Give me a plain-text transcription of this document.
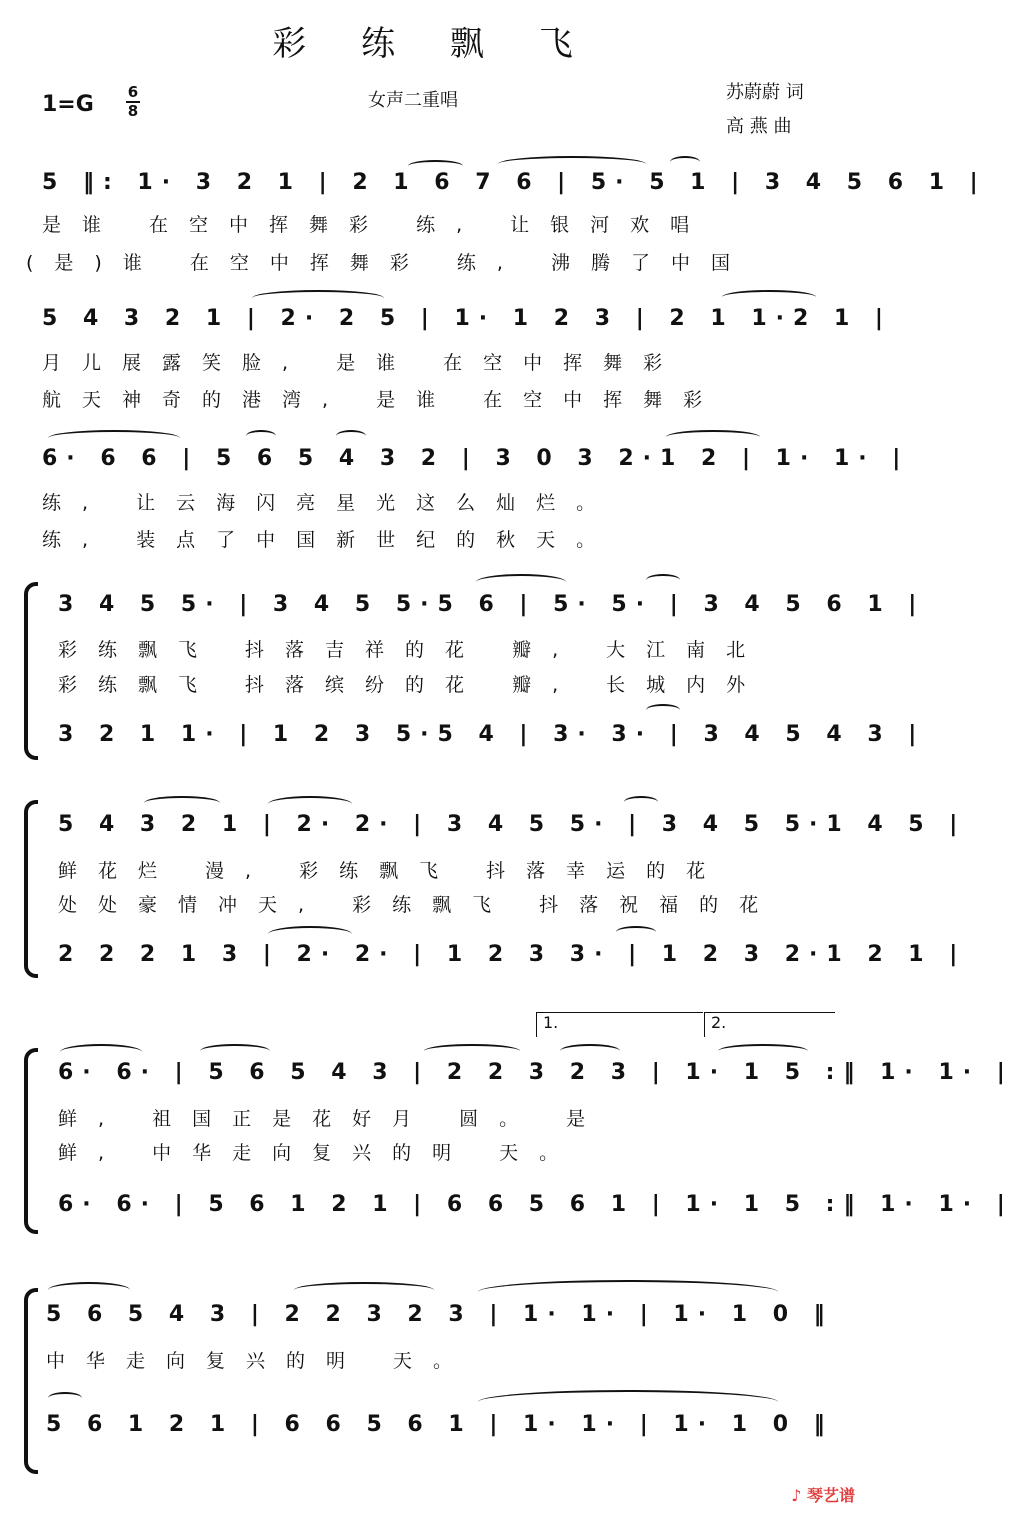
彩 练 飘 飞
1=G 6
8	女声二重唱	苏蔚蔚 词
高 燕 曲
5 ‖: 1· 3 2 1 | 2 1 6 7 6 | 5· 5 1 | 3 4 5 6 1 |
是谁 在空中挥舞彩 练, 让银河欢唱
(是)谁 在空中挥舞彩 练, 沸腾了中国
5 4 3 2 1 | 2· 2 5 | 1· 1 2 3 | 2 1 1·2 1 |
月儿展露笑脸, 是谁 在空中挥舞彩
航天神奇的港湾, 是谁 在空中挥舞彩
6· 6 6 | 5 6 5 4 3 2 | 3 0 3 2·1 2 | 1· 1· |
练, 让云海闪亮星光这么灿烂。
练, 装点了中国新世纪的秋天。
3 4 5 5· | 3 4 5 5·5 6 | 5· 5· | 3 4 5 6 1 |
彩练飘飞 抖落吉祥的花 瓣, 大江南北
彩练飘飞 抖落缤纷的花 瓣, 长城内外
3 2 1 1· | 1 2 3 5·5 4 | 3· 3· | 3 4 5 4 3 |
5 4 3 2 1 | 2· 2· | 3 4 5 5· | 3 4 5 5·1 4 5 |
鲜花烂 漫, 彩练飘飞 抖落幸运的花
处处豪情冲天, 彩练飘飞 抖落祝福的花
2 2 2 1 3 | 2· 2· | 1 2 3 3· | 1 2 3 2·1 2 1 |
1.	2.
6· 6· | 5 6 5 4 3 | 2 2 3 2 3 | 1· 1 5 :‖ 1· 1· |
鲜, 祖国正是花好月 圆。 是
鲜, 中华走向复兴的明 天。
6· 6· | 5 6 1 2 1 | 6 6 5 6 1 | 1· 1 5 :‖ 1· 1· |
5 6 5 4 3 | 2 2 3 2 3 | 1· 1· | 1· 1 0 ‖
中华走向复兴的明 天。
5 6 1 2 1 | 6 6 5 6 1 | 1· 1· | 1· 1 0 ‖
♪ 琴艺谱
